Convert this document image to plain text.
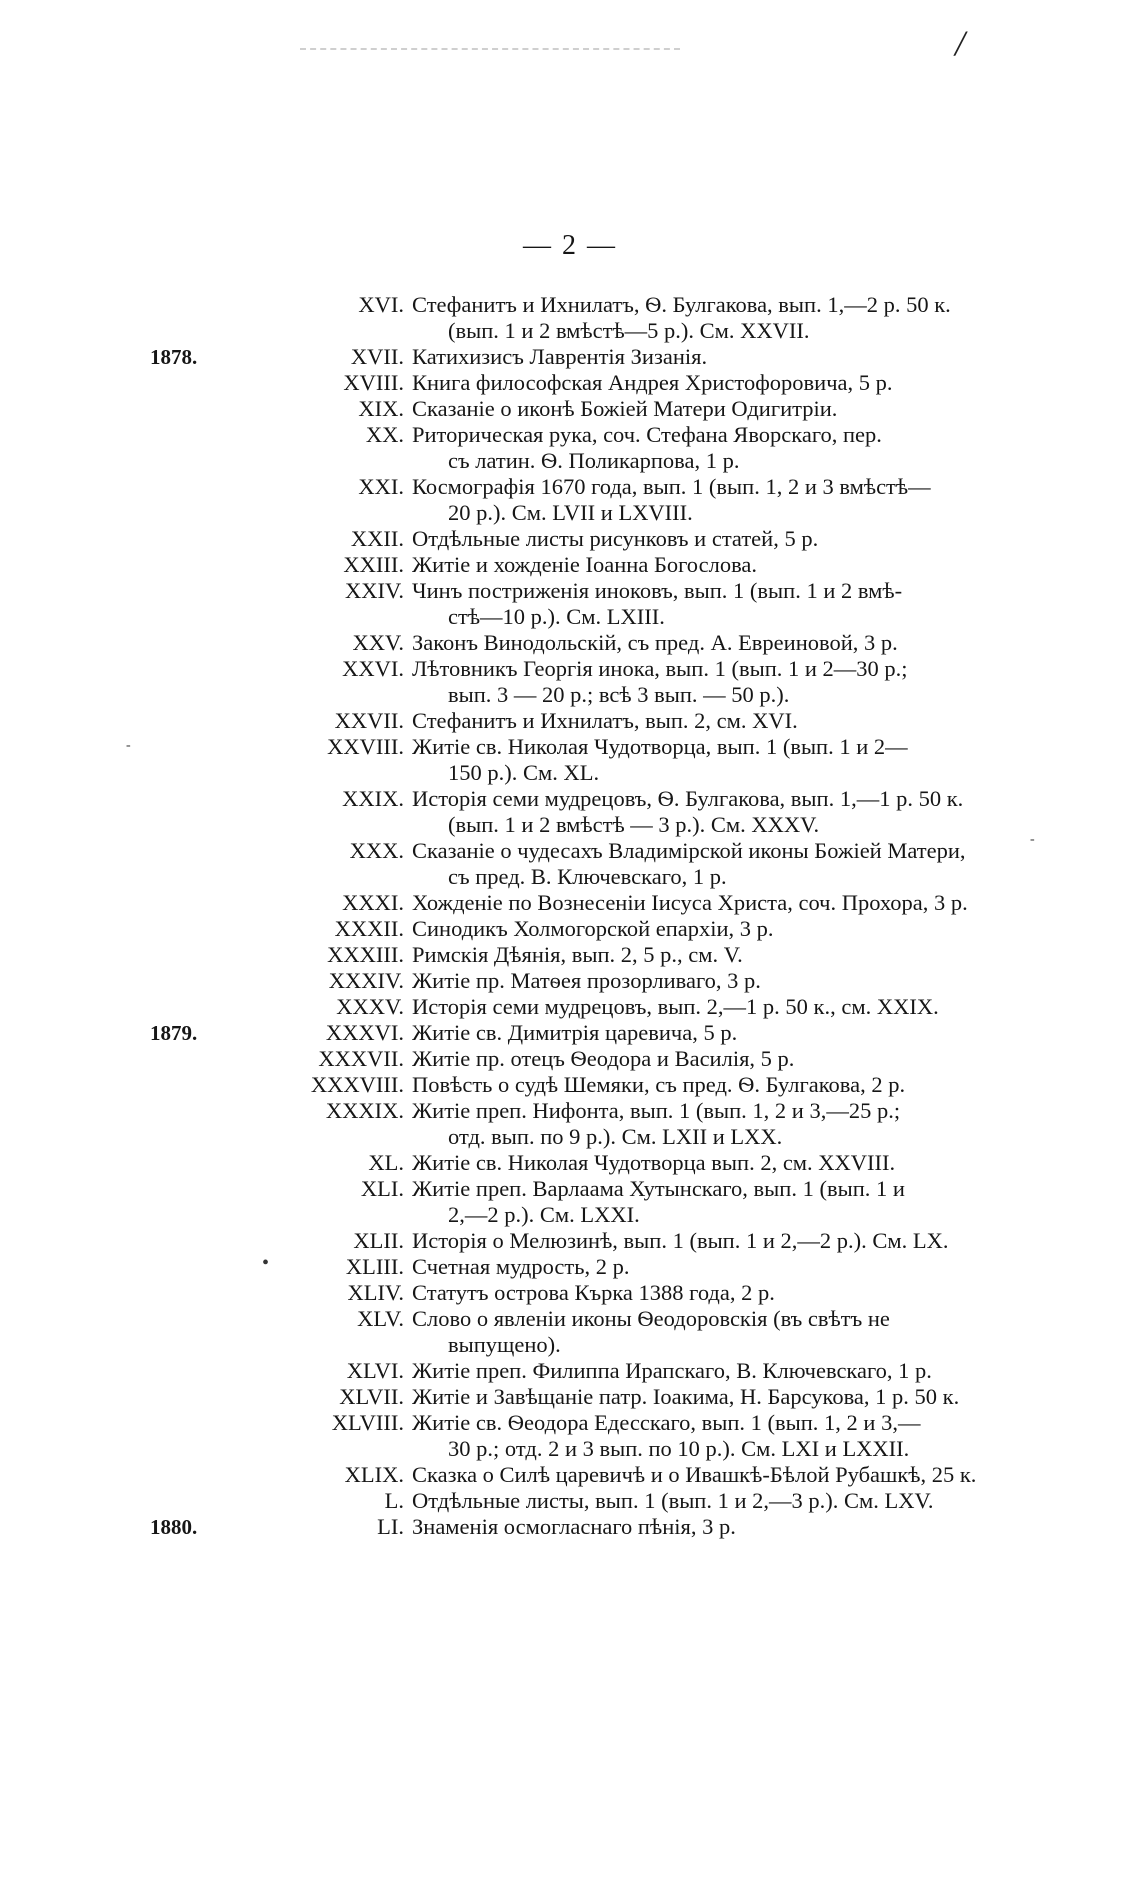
/
— 2 —
-
-
•
XVI. Стефанитъ и Ихнилатъ, Ѳ. Булгакова, вып. 1,—2 р. 50 к.
(вып. 1 и 2 вмѣстѣ—5 р.). См. XXVII.
1878.	XVII. Катихизисъ Лаврентія Зизанія.
XVIII. Книга философская Андрея Христофоровича, 5 р.
XIX. Сказаніе о иконѣ Божіей Матери Одигитріи.
XX. Риторическая рука, соч. Стефана Яворскаго, пер.
съ латин. Ѳ. Поликарпова, 1 р.
XXI. Космографія 1670 года, вып. 1 (вып. 1, 2 и 3 вмѣстѣ—
20 р.). См. LVII и LXVIII.
XXII. Отдѣльные листы рисунковъ и статей, 5 р.
XXIII. Житіе и хожденіе Іоанна Богослова.
XXIV. Чинъ постриженія иноковъ, вып. 1 (вып. 1 и 2 вмѣ-
стѣ—10 р.). См. LXIII.
XXV. Законъ Винодольскій, съ пред. А. Евреиновой, 3 р.
XXVI. Лѣтовникъ Георгія инока, вып. 1 (вып. 1 и 2—30 р.;
вып. 3 — 20 р.; всѣ 3 вып. — 50 р.).
XXVII. Стефанитъ и Ихнилатъ, вып. 2, см. XVI.
XXVIII. Житіе св. Николая Чудотворца, вып. 1 (вып. 1 и 2—
150 р.). См. XL.
XXIX. Исторія семи мудрецовъ, Ѳ. Булгакова, вып. 1,—1 р. 50 к.
(вып. 1 и 2 вмѣстѣ — 3 р.). См. XXXV.
XXX. Сказаніе о чудесахъ Владимірской иконы Божіей Матери,
съ пред. В. Ключевскаго, 1 р.
XXXI. Хожденіе по Вознесеніи Іисуса Христа, соч. Прохора, 3 р.
XXXII. Синодикъ Холмогорской епархіи, 3 р.
XXXIII. Римскія Дѣянія, вып. 2, 5 р., см. V.
XXXIV. Житіе пр. Матѳея прозорливаго, 3 р.
XXXV. Исторія семи мудрецовъ, вып. 2,—1 р. 50 к., см. XXIX.
1879.	XXXVI. Житіе св. Димитрія царевича, 5 р.
XXXVII. Житіе пр. отецъ Ѳеодора и Василія, 5 р.
XXXVIII. Повѣсть о судѣ Шемяки, съ пред. Ѳ. Булгакова, 2 р.
XXXIX. Житіе преп. Нифонта, вып. 1 (вып. 1, 2 и 3,—25 р.;
отд. вып. по 9 р.). См. LXII и LXX.
XL. Житіе св. Николая Чудотворца вып. 2, см. XXVIII.
XLI. Житіе преп. Варлаама Хутынскаго, вып. 1 (вып. 1 и
2,—2 р.). См. LXXI.
XLII. Исторія о Мелюзинѣ, вып. 1 (вып. 1 и 2,—2 р.). См. LX.
XLIII. Счетная мудрость, 2 р.
XLIV. Статутъ острова Кърка 1388 года, 2 р.
XLV. Слово о явленіи иконы Ѳеодоровскія (въ свѣтъ не
выпущено).
XLVI. Житіе преп. Филиппа Ирапскаго, В. Ключевскаго, 1 р.
XLVII. Житіе и Завѣщаніе патр. Іоакима, Н. Барсукова, 1 р. 50 к.
XLVIII. Житіе св. Ѳеодора Едесскаго, вып. 1 (вып. 1, 2 и 3,—
30 р.; отд. 2 и 3 вып. по 10 р.). См. LXI и LXXII.
XLIX. Сказка о Силѣ царевичѣ и о Ивашкѣ-Бѣлой Рубашкѣ, 25 к.
L. Отдѣльные листы, вып. 1 (вып. 1 и 2,—3 р.). См. LXV.
1880.	LI. Знаменія осмогласнаго пѣнія, 3 р.
